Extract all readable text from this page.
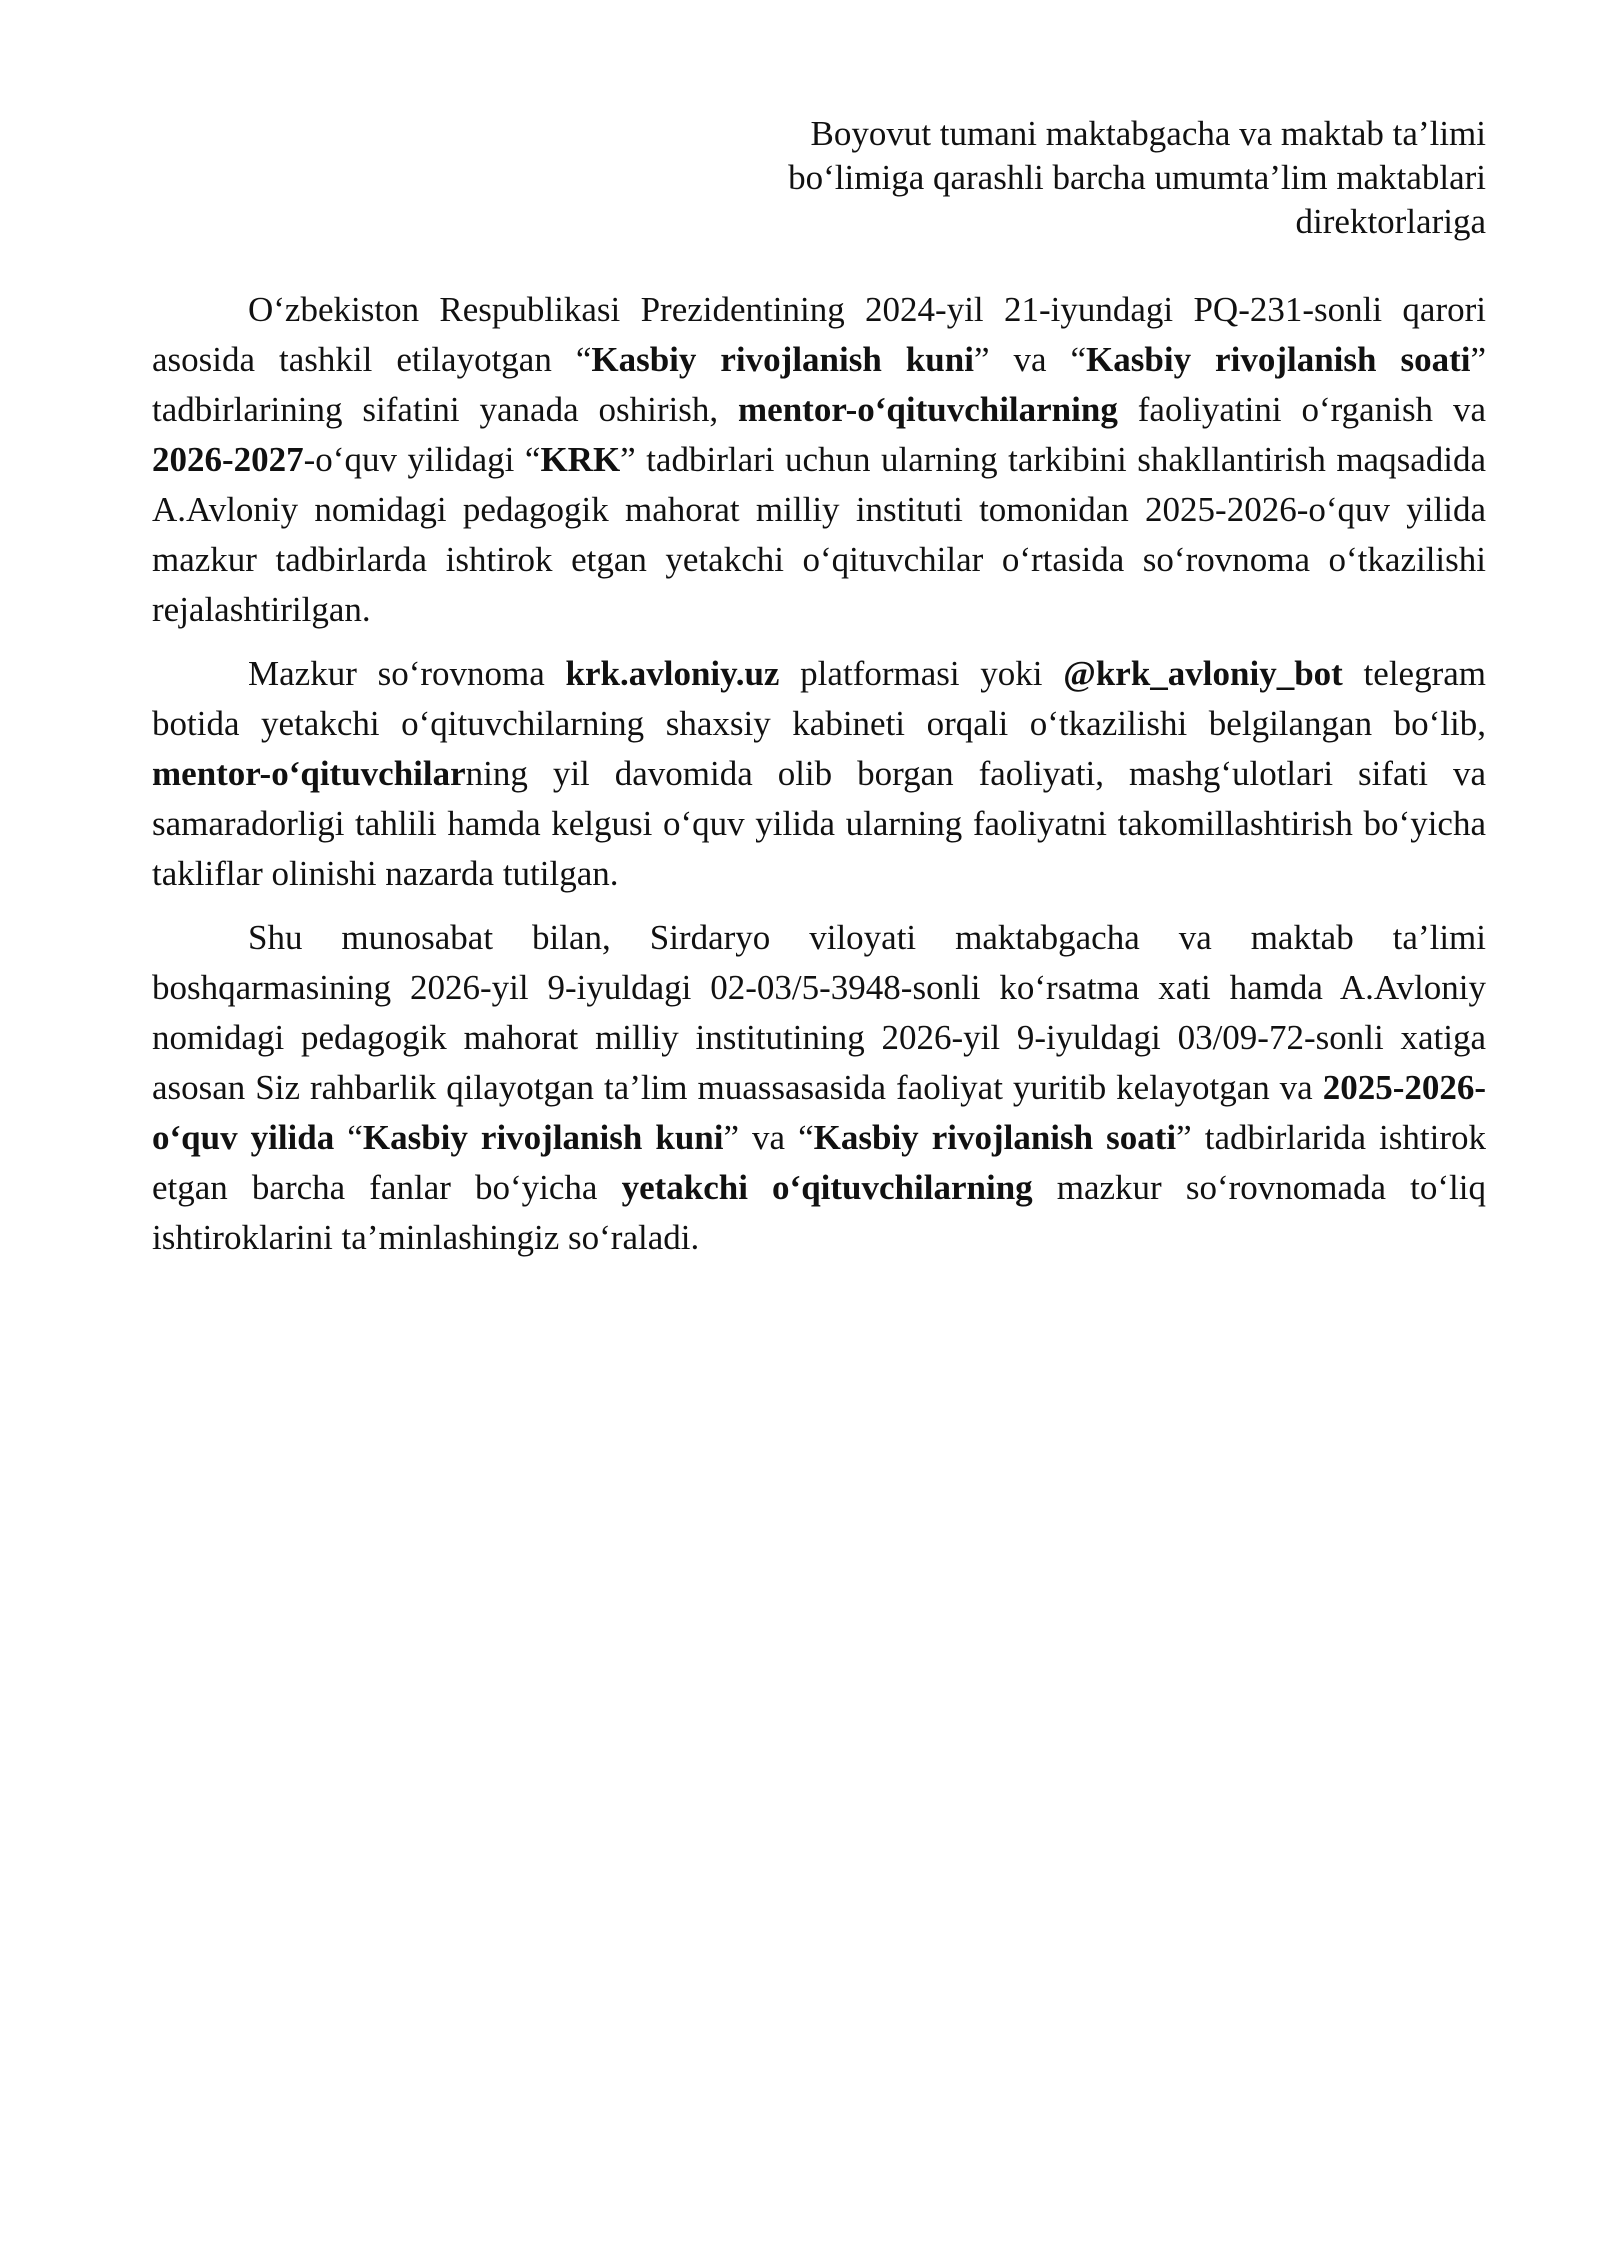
Boyovut tumani maktabgacha va maktab ta’limi
bo‘limiga qarashli barcha umumta’lim maktablari
direktorlariga

O‘zbekiston Respublikasi Prezidentining 2024-yil 21-iyundagi PQ-231-sonli qarori asosida tashkil etilayotgan “Kasbiy rivojlanish kuni” va “Kasbiy rivojlanish soati” tadbirlarining sifatini yanada oshirish, mentor-o‘qituvchilarning faoliyatini o‘rganish va 2026-2027-o‘quv yilidagi “KRK” tadbirlari uchun ularning tarkibini shakllantirish maqsadida A.Avloniy nomidagi pedagogik mahorat milliy instituti tomonidan 2025-2026-o‘quv yilida mazkur tadbirlarda ishtirok etgan yetakchi o‘qituvchilar o‘rtasida so‘rovnoma o‘tkazilishi rejalashtirilgan.

Mazkur so‘rovnoma krk.avloniy.uz platformasi yoki @krk_avloniy_bot telegram botida yetakchi o‘qituvchilarning shaxsiy kabineti orqali o‘tkazilishi belgilangan bo‘lib, mentor-o‘qituvchilarning yil davomida olib borgan faoliyati, mashg‘ulotlari sifati va samaradorligi tahlili hamda kelgusi o‘quv yilida ularning faoliyatni takomillashtirish bo‘yicha takliflar olinishi nazarda tutilgan.

Shu munosabat bilan, Sirdaryo viloyati maktabgacha va maktab ta’limi boshqarmasining 2026-yil 9-iyuldagi 02-03/5-3948-sonli ko‘rsatma xati hamda A.Avloniy nomidagi pedagogik mahorat milliy institutining 2026-yil 9-iyuldagi 03/09-72-sonli xatiga asosan Siz rahbarlik qilayotgan ta’lim muassasasida faoliyat yuritib kelayotgan va 2025-2026-o‘quv yilida “Kasbiy rivojlanish kuni” va “Kasbiy rivojlanish soati” tadbirlarida ishtirok etgan barcha fanlar bo‘yicha yetakchi o‘qituvchilarning mazkur so‘rovnomada to‘liq ishtiroklarini ta’minlashingiz so‘raladi.
